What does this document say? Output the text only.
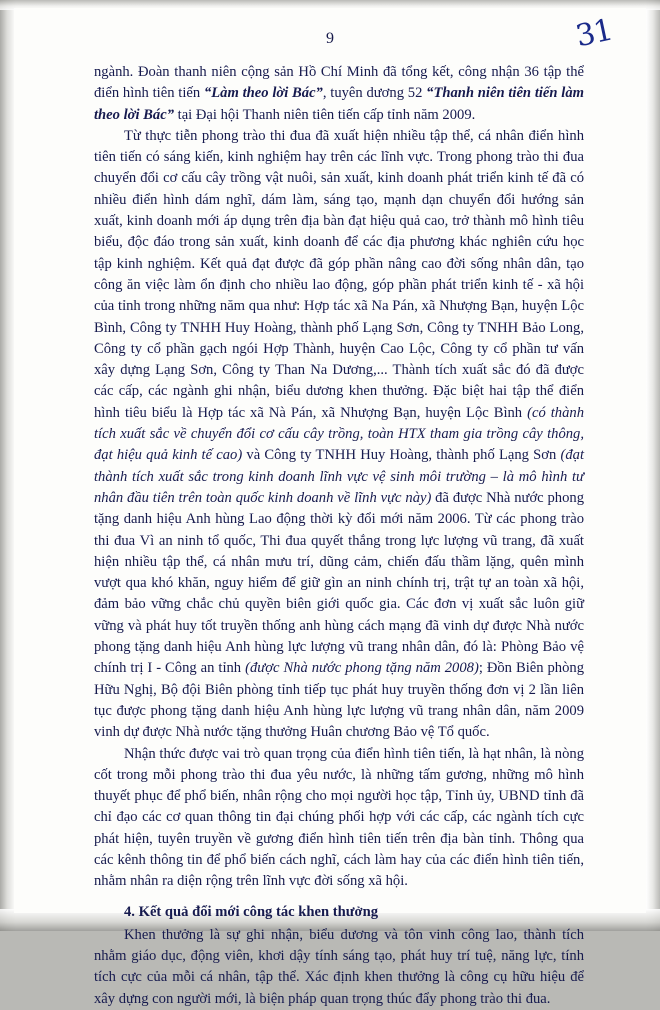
9	31

ngành. Đoàn thanh niên cộng sản Hồ Chí Minh đã tổng kết, công nhận 36 tập thể điển hình tiên tiến “Làm theo lời Bác”, tuyên dương 52 “Thanh niên tiên tiến làm theo lời Bác” tại Đại hội Thanh niên tiên tiến cấp tỉnh năm 2009.

Từ thực tiễn phong trào thi đua đã xuất hiện nhiều tập thể, cá nhân điển hình tiên tiến có sáng kiến, kinh nghiệm hay trên các lĩnh vực. Trong phong trào thi đua chuyển đổi cơ cấu cây trồng vật nuôi, sản xuất, kinh doanh phát triển kinh tế đã có nhiều điển hình dám nghĩ, dám làm, sáng tạo, mạnh dạn chuyển đổi hướng sản xuất, kinh doanh mới áp dụng trên địa bàn đạt hiệu quả cao, trở thành mô hình tiêu biểu, độc đáo trong sản xuất, kinh doanh để các địa phương khác nghiên cứu học tập kinh nghiệm. Kết quả đạt được đã góp phần nâng cao đời sống nhân dân, tạo công ăn việc làm ổn định cho nhiều lao động, góp phần phát triển kinh tế - xã hội của tỉnh trong những năm qua như: Hợp tác xã Na Pán, xã Nhượng Bạn, huyện Lộc Bình, Công ty TNHH Huy Hoàng, thành phố Lạng Sơn, Công ty TNHH Bảo Long, Công ty cổ phần gạch ngói Hợp Thành, huyện Cao Lộc, Công ty cổ phần tư vấn xây dựng Lạng Sơn, Công ty Than Na Dương,... Thành tích xuất sắc đó đã được các cấp, các ngành ghi nhận, biểu dương khen thưởng. Đặc biệt hai tập thể điển hình tiêu biểu là Hợp tác xã Nà Pán, xã Nhượng Bạn, huyện Lộc Bình (có thành tích xuất sắc về chuyển đổi cơ cấu cây trồng, toàn HTX tham gia trồng cây thông, đạt hiệu quả kinh tế cao) và Công ty TNHH Huy Hoàng, thành phố Lạng Sơn (đạt thành tích xuất sắc trong kinh doanh lĩnh vực vệ sinh môi trường – là mô hình tư nhân đầu tiên trên toàn quốc kinh doanh về lĩnh vực này) đã được Nhà nước phong tặng danh hiệu Anh hùng Lao động thời kỳ đổi mới năm 2006. Từ các phong trào thi đua Vì an ninh tổ quốc, Thi đua quyết thắng trong lực lượng vũ trang, đã xuất hiện nhiều tập thể, cá nhân mưu trí, dũng cảm, chiến đấu thầm lặng, quên mình vượt qua khó khăn, nguy hiểm để giữ gìn an ninh chính trị, trật tự an toàn xã hội, đảm bảo vững chắc chủ quyền biên giới quốc gia. Các đơn vị xuất sắc luôn giữ vững và phát huy tốt truyền thống anh hùng cách mạng đã vinh dự được Nhà nước phong tặng danh hiệu Anh hùng lực lượng vũ trang nhân dân, đó là: Phòng Bảo vệ chính trị I - Công an tỉnh (được Nhà nước phong tặng năm 2008); Đồn Biên phòng Hữu Nghị, Bộ đội Biên phòng tỉnh tiếp tục phát huy truyền thống đơn vị 2 lần liên tục được phong tặng danh hiệu Anh hùng lực lượng vũ trang nhân dân, năm 2009 vinh dự được Nhà nước tặng thưởng Huân chương Bảo vệ Tổ quốc.

Nhận thức được vai trò quan trọng của điển hình tiên tiến, là hạt nhân, là nòng cốt trong mỗi phong trào thi đua yêu nước, là những tấm gương, những mô hình thuyết phục để phổ biến, nhân rộng cho mọi người học tập, Tỉnh ủy, UBND tỉnh đã chỉ đạo các cơ quan thông tin đại chúng phối hợp với các cấp, các ngành tích cực phát hiện, tuyên truyền về gương điển hình tiên tiến trên địa bàn tỉnh. Thông qua các kênh thông tin để phổ biến cách nghĩ, cách làm hay của các điển hình tiên tiến, nhằm nhân ra diện rộng trên lĩnh vực đời sống xã hội.

4. Kết quả đổi mới công tác khen thưởng

Khen thưởng là sự ghi nhận, biểu dương và tôn vinh công lao, thành tích nhằm giáo dục, động viên, khơi dậy tính sáng tạo, phát huy trí tuệ, năng lực, tính tích cực của mỗi cá nhân, tập thể. Xác định khen thưởng là công cụ hữu hiệu để xây dựng con người mới, là biện pháp quan trọng thúc đẩy phong trào thi đua.
